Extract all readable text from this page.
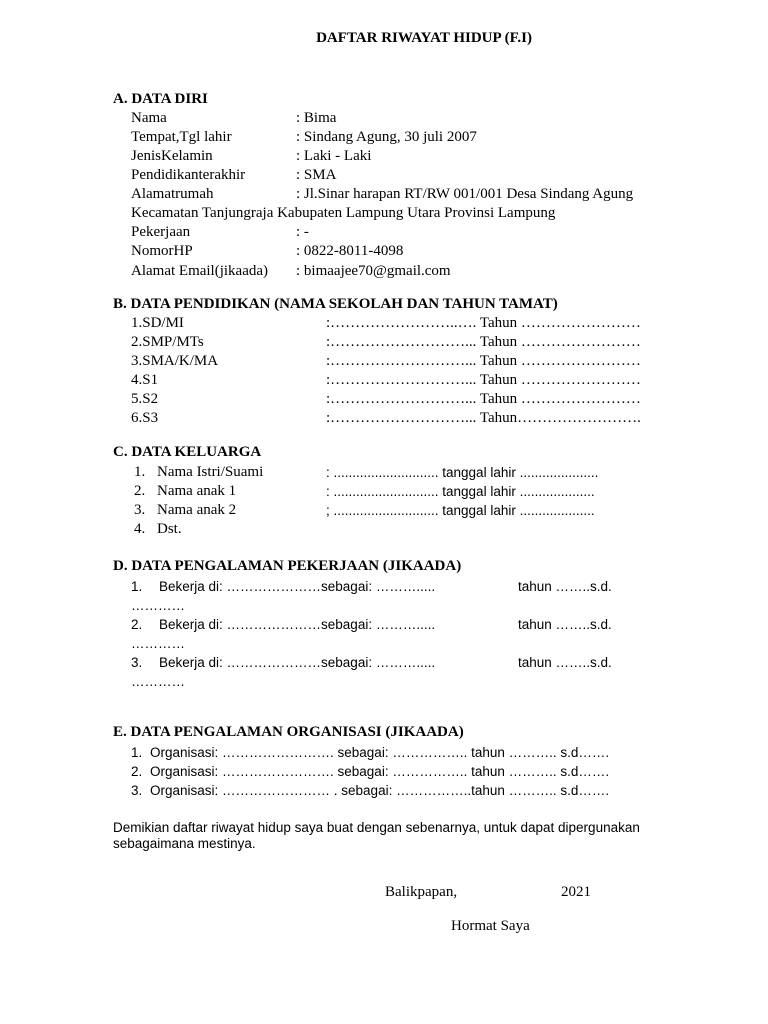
DAFTAR RIWAYAT HIDUP (F.I)
A. DATA DIRI
Nama	: Bima
Tempat,Tgl lahir	: Sindang Agung, 30 juli 2007
JenisKelamin	: Laki - Laki
Pendidikanterakhir	: SMA
Alamatrumah	: Jl.Sinar harapan RT/RW 001/001 Desa Sindang Agung
Kecamatan Tanjungraja Kabupaten Lampung Utara Provinsi Lampung
Pekerjaan	: -
NomorHP	: 0822-8011-4098
Alamat Email(jikaada) : bimaajee70@gmail.com
B. DATA PENDIDIKAN (NAMA SEKOLAH DAN TAHUN TAMAT)
1.SD/MI	:……………………..…. Tahun ……………………
2.SMP/MTs	:………………………... Tahun ……………………
3.SMA/K/MA	:………………………... Tahun ……………………
4.S1	:………………………... Tahun ……………………
5.S2	:………………………... Tahun ……………………
6.S3	:………………………... Tahun…………………….
C. DATA KELUARGA
1. Nama Istri/Suami	: ............................ tanggal lahir .....................
2. Nama anak 1	: ............................ tanggal lahir ....................
3. Nama anak 2	; ............................ tanggal lahir ....................
4. Dst.
D. DATA PENGALAMAN PEKERJAAN (JIKAADA)
1. Bekerja di: …………………sebagai: ……….....	tahun ……..s.d.
…………
2. Bekerja di: …………………sebagai: ……….....	tahun ……..s.d.
…………
3. Bekerja di: …………………sebagai: ……….....	tahun ……..s.d.
…………
E. DATA PENGALAMAN ORGANISASI (JIKAADA)
1. Organisasi: ……………………. sebagai: …………….. tahun ……….. s.d…….
2. Organisasi: ……………………. sebagai: …………….. tahun ……….. s.d…….
3. Organisasi: …………………… . sebagai: ……………..tahun ……….. s.d…….
Demikian daftar riwayat hidup saya buat dengan sebenarnya, untuk dapat dipergunakan
sebagaimana mestinya.
Balikpapan,	2021
Hormat Saya
